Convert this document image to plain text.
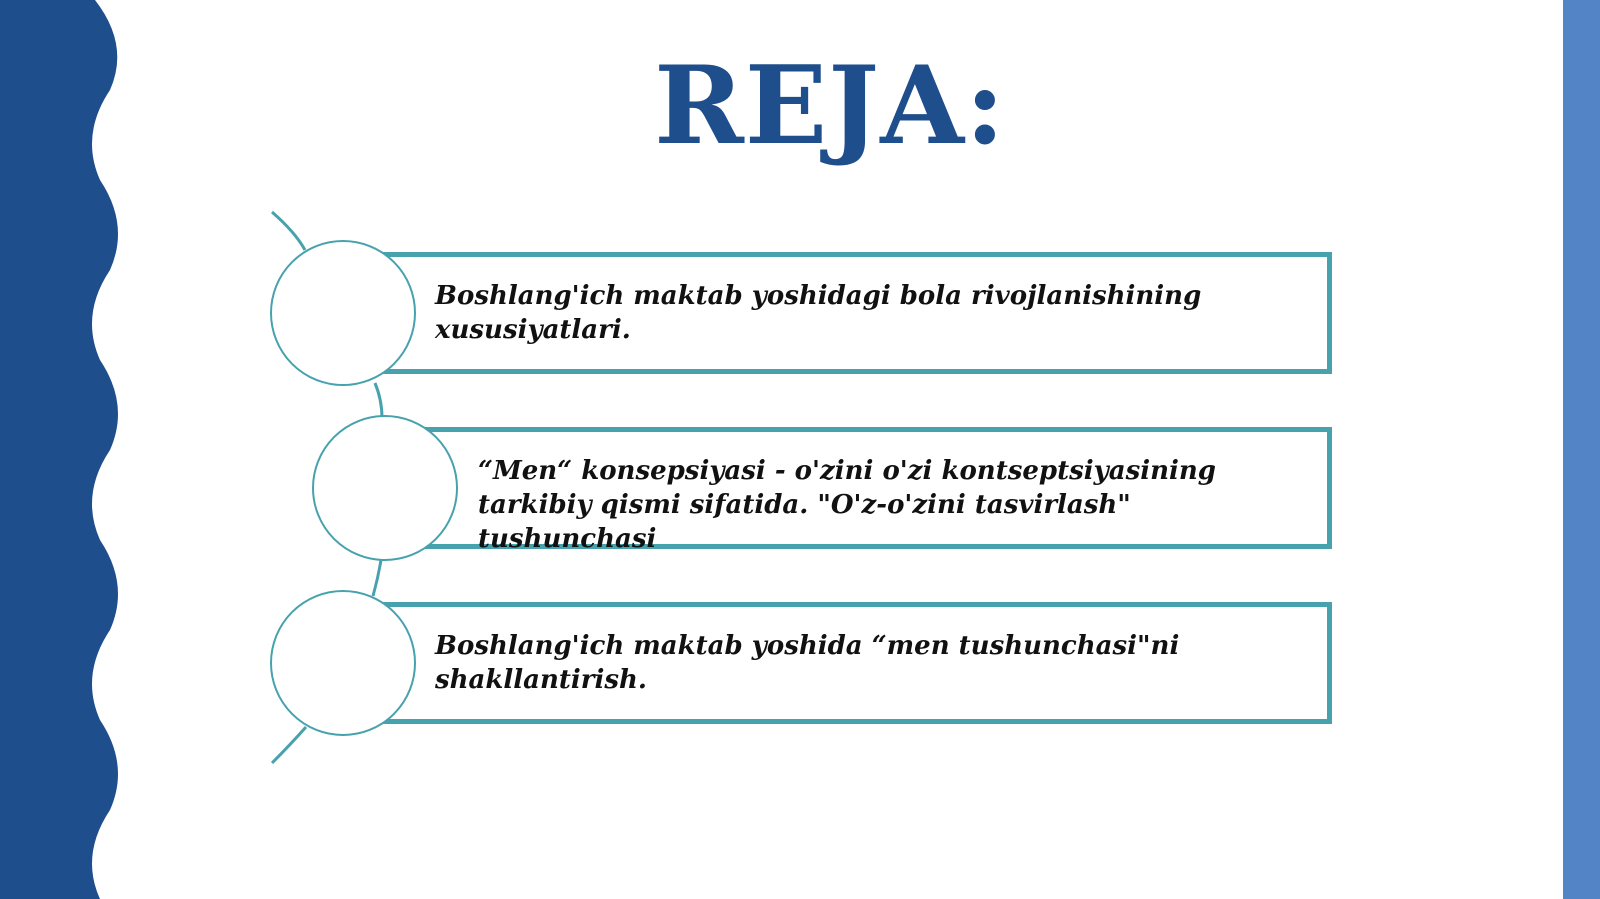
REJA:
Boshlang'ich maktab yoshidagi bola rivojlanishining xususiyatlari.
“Men“ konsepsiyasi - o'zini o'zi kontseptsiyasining tarkibiy qismi sifatida. "O'z-o'zini tasvirlash" tushunchasi
Boshlang'ich maktab yoshida “men tushunchasi"ni shakllantirish.
